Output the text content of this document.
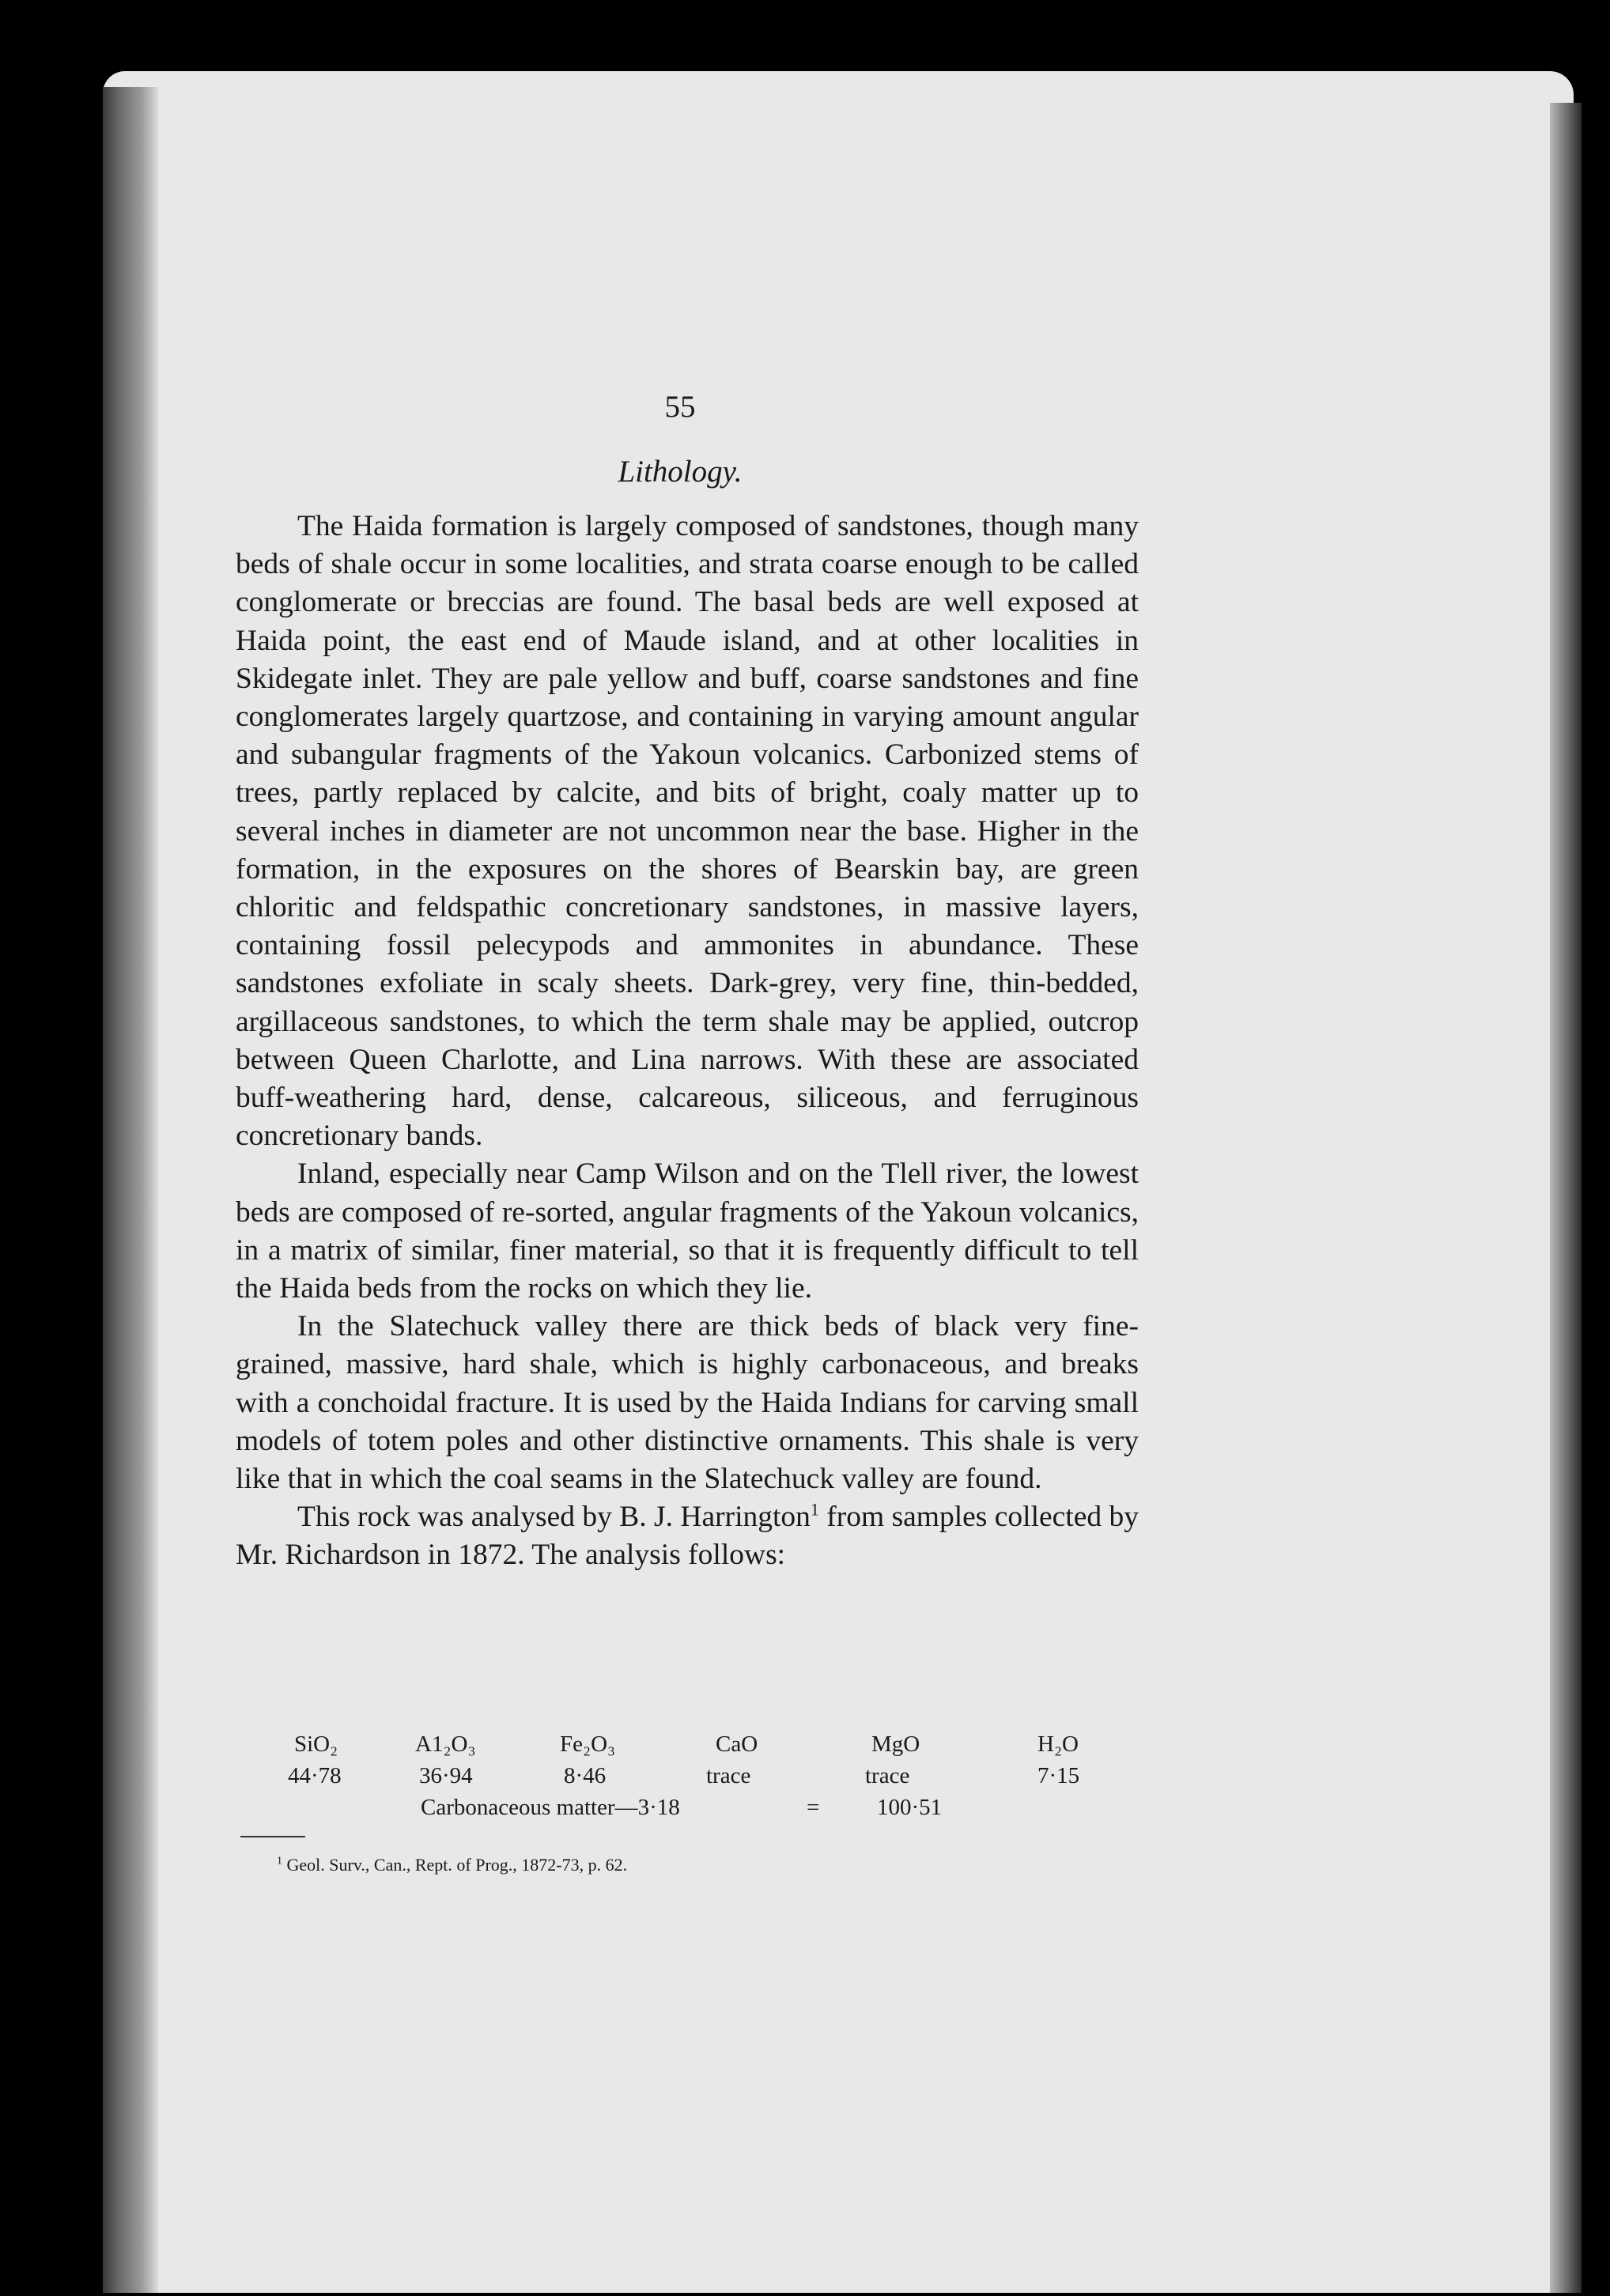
55
Lithology.

The Haida formation is largely composed of sandstones, though many beds of shale occur in some localities, and strata coarse enough to be called conglomerate or breccias are found. The basal beds are well exposed at Haida point, the east end of Maude island, and at other localities in Skidegate inlet. They are pale yellow and buff, coarse sandstones and fine conglomerates largely quartzose, and containing in varying amount angular and subangular fragments of the Yakoun volcanics. Carbonized stems of trees, partly replaced by calcite, and bits of bright, coaly matter up to several inches in diameter are not uncommon near the base. Higher in the formation, in the exposures on the shores of Bearskin bay, are green chloritic and feldspathic concretionary sandstones, in massive layers, containing fossil pelecypods and ammonites in abundance. These sandstones exfoliate in scaly sheets. Dark-grey, very fine, thin-bedded, argillaceous sandstones, to which the term shale may be applied, outcrop between Queen Charlotte, and Lina narrows. With these are associated buff-weathering hard, dense, calcareous, siliceous, and ferruginous concretionary bands.

Inland, especially near Camp Wilson and on the Tlell river, the lowest beds are composed of re-sorted, angular fragments of the Yakoun volcanics, in a matrix of similar, finer material, so that it is frequently difficult to tell the Haida beds from the rocks on which they lie.

In the Slatechuck valley there are thick beds of black very fine-grained, massive, hard shale, which is highly carbonaceous, and breaks with a conchoidal fracture. It is used by the Haida Indians for carving small models of totem poles and other distinctive ornaments. This shale is very like that in which the coal seams in the Slatechuck valley are found.

This rock was analysed by B. J. Harrington$^1$ from samples collected by Mr. Richardson in 1872. The analysis follows:

SiO₂	A1₂O₃	Fe₂O₃	CaO	MgO	H₂O
44·78	36·94	8·46	trace	trace	7·15
Carbonaceous matter—3·18	=	100·51
$^1$ Geol. Surv., Can., Rept. of Prog., 1872-73, p. 62.
